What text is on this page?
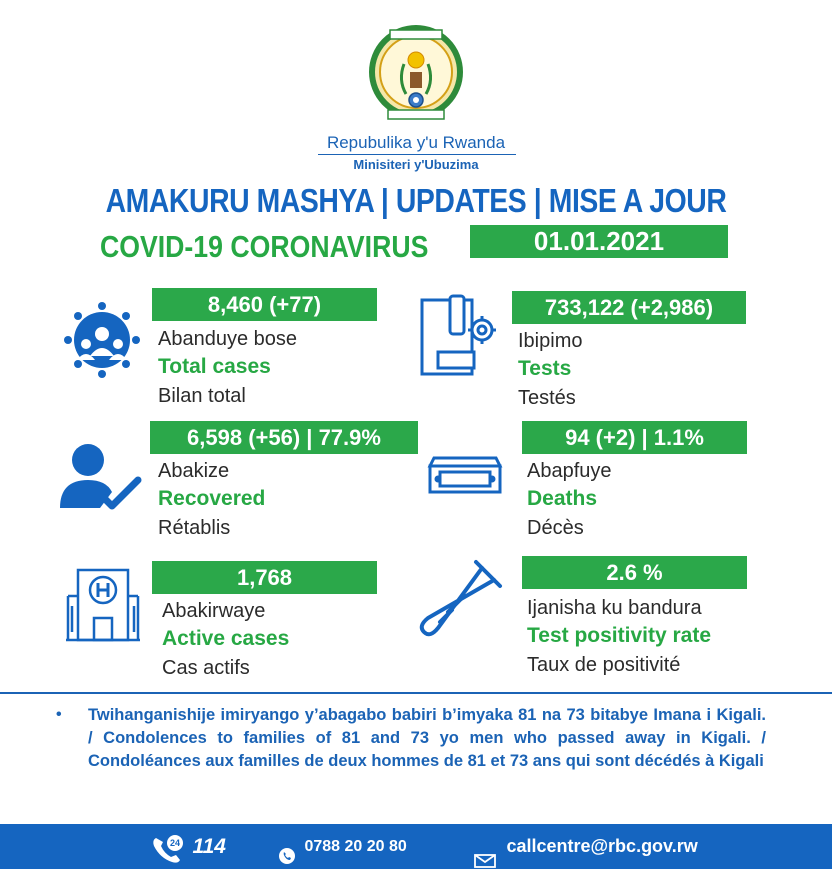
Repubulika y'u Rwanda
Minisiteri y'Ubuzima
AMAKURU MASHYA | UPDATES | MISE A JOUR
COVID-19 CORONAVIRUS	01.01.2021
8,460 (+77)
Abanduye bose
Total cases
Bilan total
733,122 (+2,986)
Ibipimo
Tests
Testés
6,598 (+56) | 77.9%
Abakize
Recovered
Rétablis
94 (+2) | 1.1%
Abapfuye
Deaths
Décès
1,768
Abakirwaye
Active cases
Cas actifs
2.6 %
Ijanisha ku bandura
Test positivity rate
Taux de positivité
• Twihanganishije imiryango y’abagabo babiri b’imyaka 81 na 73 bitabye Imana i Kigali. / Condolences to families of 81 and 73 yo men who passed away in Kigali. / Condoléances aux familles de deux hommes de 81 et 73 ans qui sont décédés à Kigali
24 114	0788 20 20 80	callcentre@rbc.gov.rw
